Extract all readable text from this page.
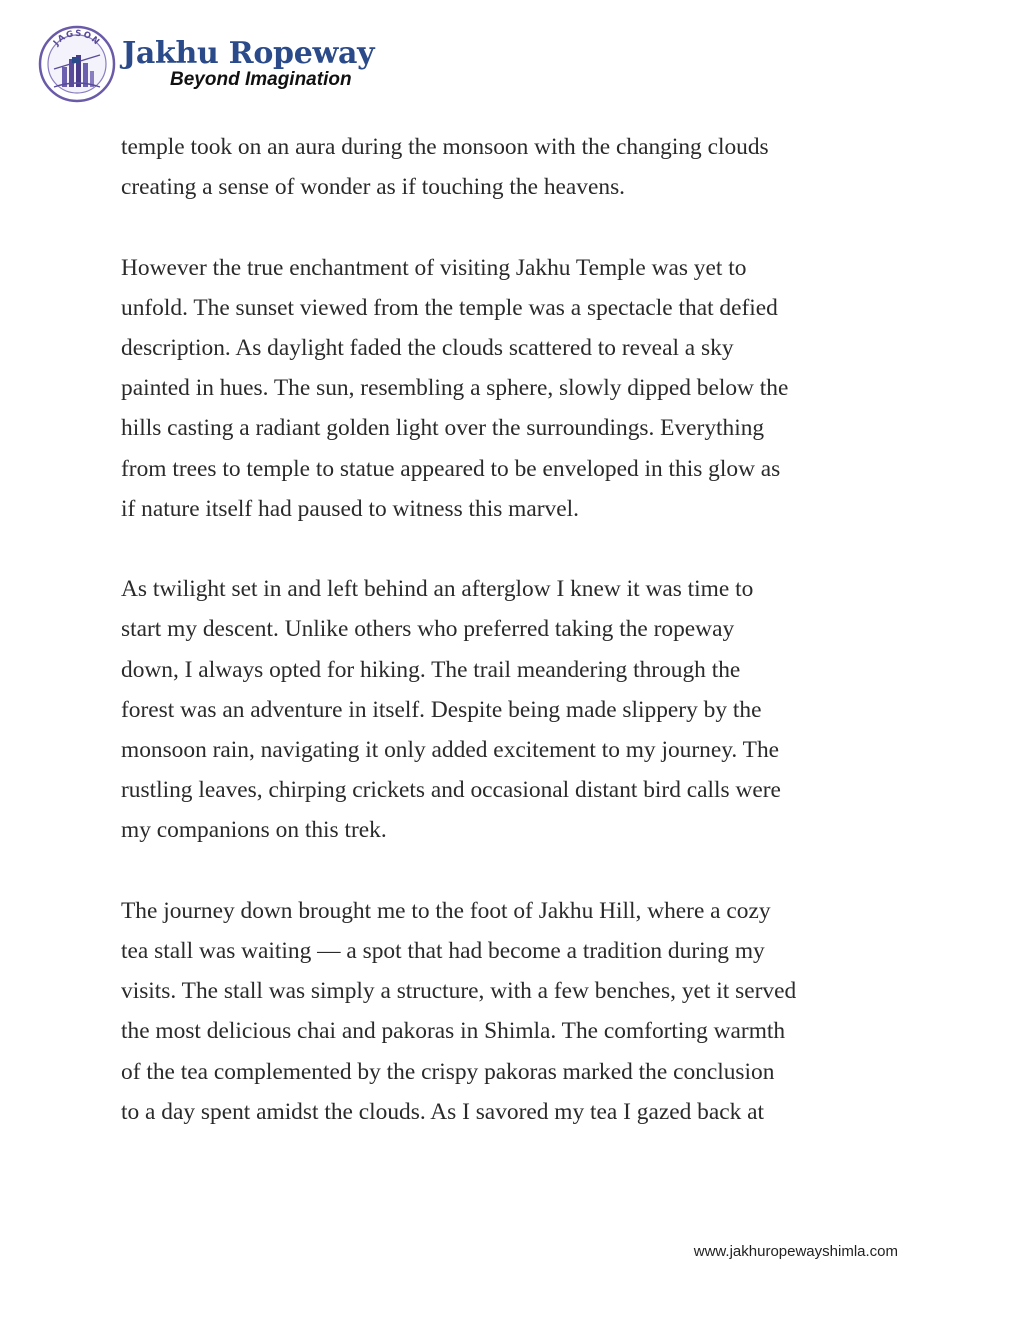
JAGSON Jakhu Ropeway
Beyond Imagination

temple took on an aura during the monsoon with the changing clouds
creating a sense of wonder as if touching the heavens.

However the true enchantment of visiting Jakhu Temple was yet to
unfold. The sunset viewed from the temple was a spectacle that defied
description. As daylight faded the clouds scattered to reveal a sky
painted in hues. The sun, resembling a sphere, slowly dipped below the
hills casting a radiant golden light over the surroundings. Everything
from trees to temple to statue appeared to be enveloped in this glow as
if nature itself had paused to witness this marvel.

As twilight set in and left behind an afterglow I knew it was time to
start my descent. Unlike others who preferred taking the ropeway
down, I always opted for hiking. The trail meandering through the
forest was an adventure in itself. Despite being made slippery by the
monsoon rain, navigating it only added excitement to my journey. The
rustling leaves, chirping crickets and occasional distant bird calls were
my companions on this trek.

The journey down brought me to the foot of Jakhu Hill, where a cozy
tea stall was waiting — a spot that had become a tradition during my
visits. The stall was simply a structure, with a few benches, yet it served
the most delicious chai and pakoras in Shimla. The comforting warmth
of the tea complemented by the crispy pakoras marked the conclusion
to a day spent amidst the clouds. As I savored my tea I gazed back at

www.jakhuropewayshimla.com
